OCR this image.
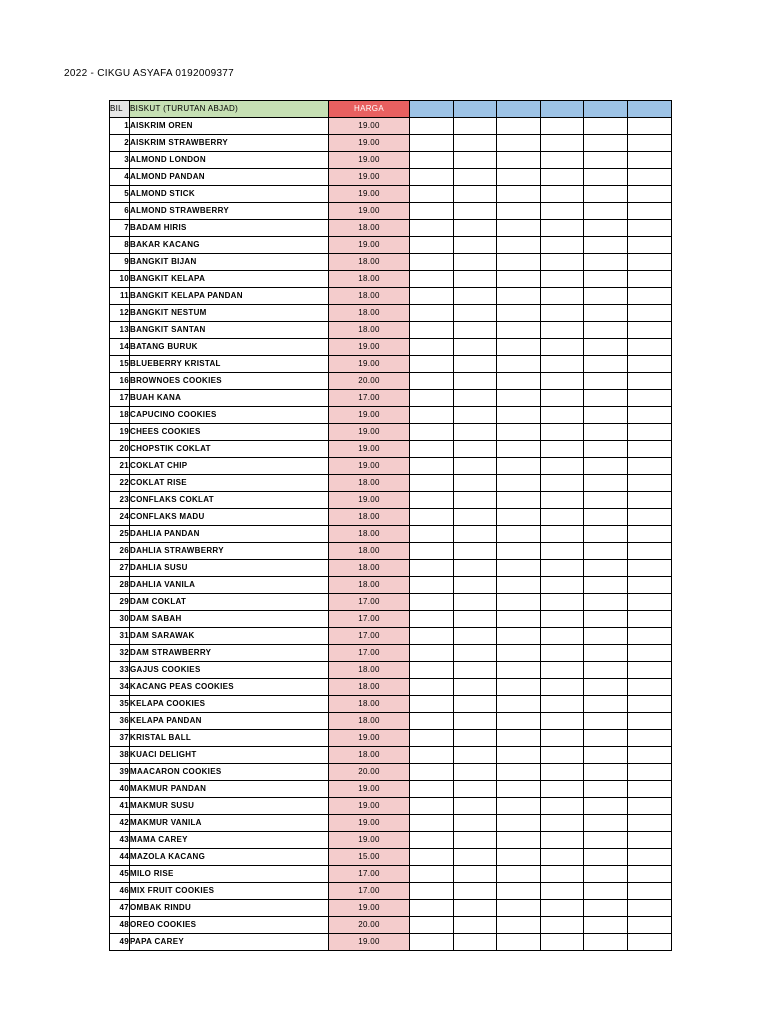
2022 - CIKGU ASYAFA 0192009377
BIL	BISKUT (TURUTAN ABJAD)	HARGA						
1	AISKRIM OREN	19.00						
2	AISKRIM STRAWBERRY	19.00						
3	ALMOND LONDON	19.00						
4	ALMOND PANDAN	19.00						
5	ALMOND STICK	19.00						
6	ALMOND STRAWBERRY	19.00						
7	BADAM HIRIS	18.00						
8	BAKAR KACANG	19.00						
9	BANGKIT BIJAN	18.00						
10	BANGKIT KELAPA	18.00						
11	BANGKIT KELAPA PANDAN	18.00						
12	BANGKIT NESTUM	18.00						
13	BANGKIT SANTAN	18.00						
14	BATANG BURUK	19.00						
15	BLUEBERRY KRISTAL	19.00						
16	BROWNOES COOKIES	20.00						
17	BUAH KANA	17.00						
18	CAPUCINO COOKIES	19.00						
19	CHEES COOKIES	19.00						
20	CHOPSTIK COKLAT	19.00						
21	COKLAT CHIP	19.00						
22	COKLAT RISE	18.00						
23	CONFLAKS COKLAT	19.00						
24	CONFLAKS MADU	18.00						
25	DAHLIA PANDAN	18.00						
26	DAHLIA STRAWBERRY	18.00						
27	DAHLIA SUSU	18.00						
28	DAHLIA VANILA	18.00						
29	DAM COKLAT	17.00						
30	DAM SABAH	17.00						
31	DAM SARAWAK	17.00						
32	DAM STRAWBERRY	17.00						
33	GAJUS COOKIES	18.00						
34	KACANG PEAS COOKIES	18.00						
35	KELAPA COOKIES	18.00						
36	KELAPA PANDAN	18.00						
37	KRISTAL BALL	19.00						
38	KUACI DELIGHT	18.00						
39	MAACARON COOKIES	20.00						
40	MAKMUR PANDAN	19.00						
41	MAKMUR SUSU	19.00						
42	MAKMUR VANILA	19.00						
43	MAMA CAREY	19.00						
44	MAZOLA KACANG	15.00						
45	MILO RISE	17.00						
46	MIX FRUIT COOKIES	17.00						
47	OMBAK RINDU	19.00						
48	OREO COOKIES	20.00						
49	PAPA CAREY	19.00						
